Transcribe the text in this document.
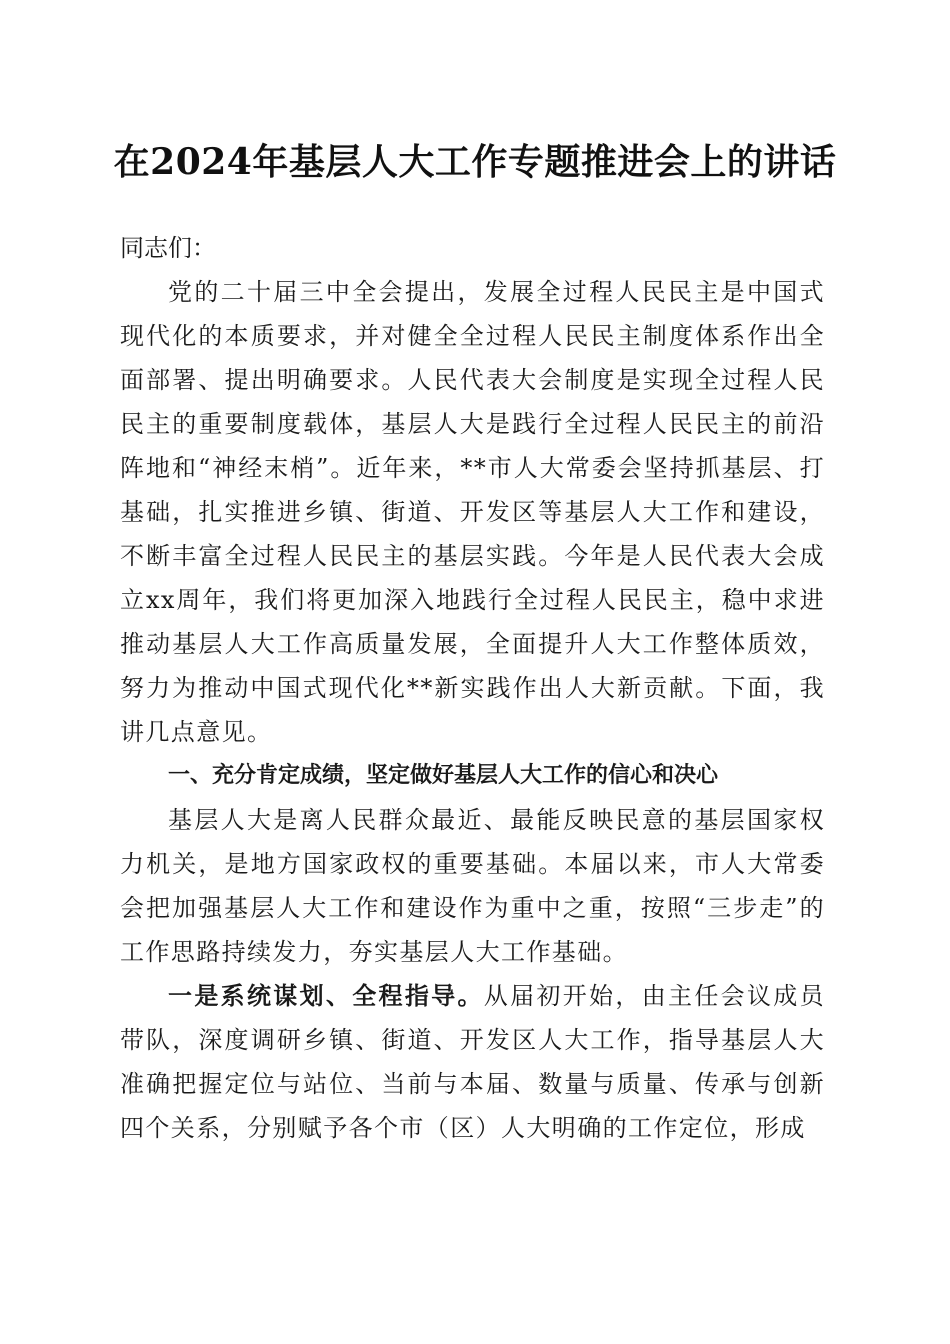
在2024年基层人大工作专题推进会上的讲话

同志们：

党的二十届三中全会提出，发展全过程人民民主是中国式现代化的本质要求，并对健全全过程人民民主制度体系作出全面部署、提出明确要求。人民代表大会制度是实现全过程人民民主的重要制度载体，基层人大是践行全过程人民民主的前沿阵地和“神经末梢”。近年来，**市人大常委会坚持抓基层、打基础，扎实推进乡镇、街道、开发区等基层人大工作和建设，不断丰富全过程人民民主的基层实践。今年是人民代表大会成立xx周年，我们将更加深入地践行全过程人民民主，稳中求进推动基层人大工作高质量发展，全面提升人大工作整体质效，努力为推动中国式现代化**新实践作出人大新贡献。下面，我讲几点意见。

一、充分肯定成绩，坚定做好基层人大工作的信心和决心

基层人大是离人民群众最近、最能反映民意的基层国家权力机关，是地方国家政权的重要基础。本届以来，市人大常委会把加强基层人大工作和建设作为重中之重，按照“三步走”的工作思路持续发力，夯实基层人大工作基础。

一是系统谋划、全程指导。从届初开始，由主任会议成员带队，深度调研乡镇、街道、开发区人大工作，指导基层人大准确把握定位与站位、当前与本届、数量与质量、传承与创新四个关系，分别赋予各个市（区）人大明确的工作定位，形成
